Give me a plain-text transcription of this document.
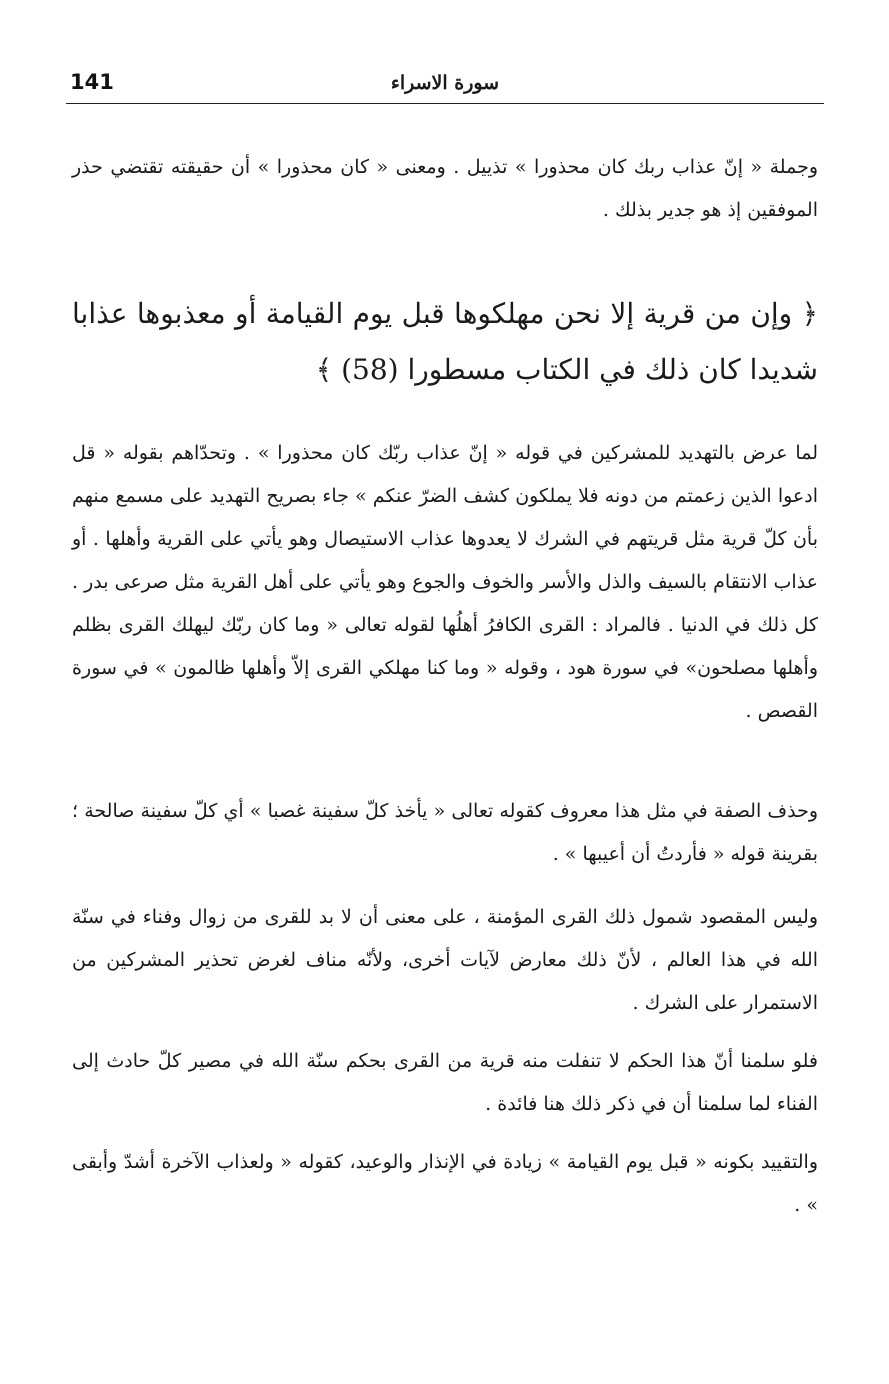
141	سورة الاسراء

وجملة « إنّ عذاب ربك كان محذورا » تذييل . ومعنى « كان محذورا » أن حقيقته تقتضي حذر الموفقين إذ هو جدير بذلك .

﴿ وإن من قرية إلا نحن مهلكوها قبل يوم القيامة أو معذبوها عذابا شديدا كان ذلك في الكتاب مسطورا (58) ﴾

لما عرض بالتهديد للمشركين في قوله « إنّ عذاب ربّك كان محذورا » . وتحدّاهم بقوله « قل ادعوا الذين زعمتم من دونه فلا يملكون كشف الضرّ عنكم » جاء بصريح التهديد على مسمع منهم بأن كلّ قرية مثل قريتهم في الشرك لا يعدوها عذاب الاستيصال وهو يأتي على القرية وأهلها . أو عذاب الانتقام بالسيف والذل والأسر والخوف والجوع وهو يأتي على أهل القرية مثل صرعى بدر . كل ذلك في الدنيا . فالمراد : القرى الكافرُ أهلُها لقوله تعالى « وما كان ربّك ليهلك القرى بظلم وأهلها مصلحون» في سورة هود ، وقوله « وما كنا مهلكي القرى إلاّ وأهلها ظالمون » في سورة القصص .

وحذف الصفة في مثل هذا معروف كقوله تعالى « يأخذ كلّ سفينة غصبا » أي كلّ سفينة صالحة ؛ بقرينة قوله « فأردتُ أن أعيبها » .

وليس المقصود شمول ذلك القرى المؤمنة ، على معنى أن لا بد للقرى من زوال وفناء في سنّة الله في هذا العالم ، لأنّ ذلك معارض لآيات أخرى، ولأنّه مناف لغرض تحذير المشركين من الاستمرار على الشرك .

فلو سلمنا أنّ هذا الحكم لا تنفلت منه قرية من القرى بحكم سنّة الله في مصير كلّ حادث إلى الفناء لما سلمنا أن في ذكر ذلك هنا فائدة .

والتقييد بكونه « قبل يوم القيامة » زيادة في الإنذار والوعيد، كقوله « ولعذاب الآخرة أشدّ وأبقى » .
